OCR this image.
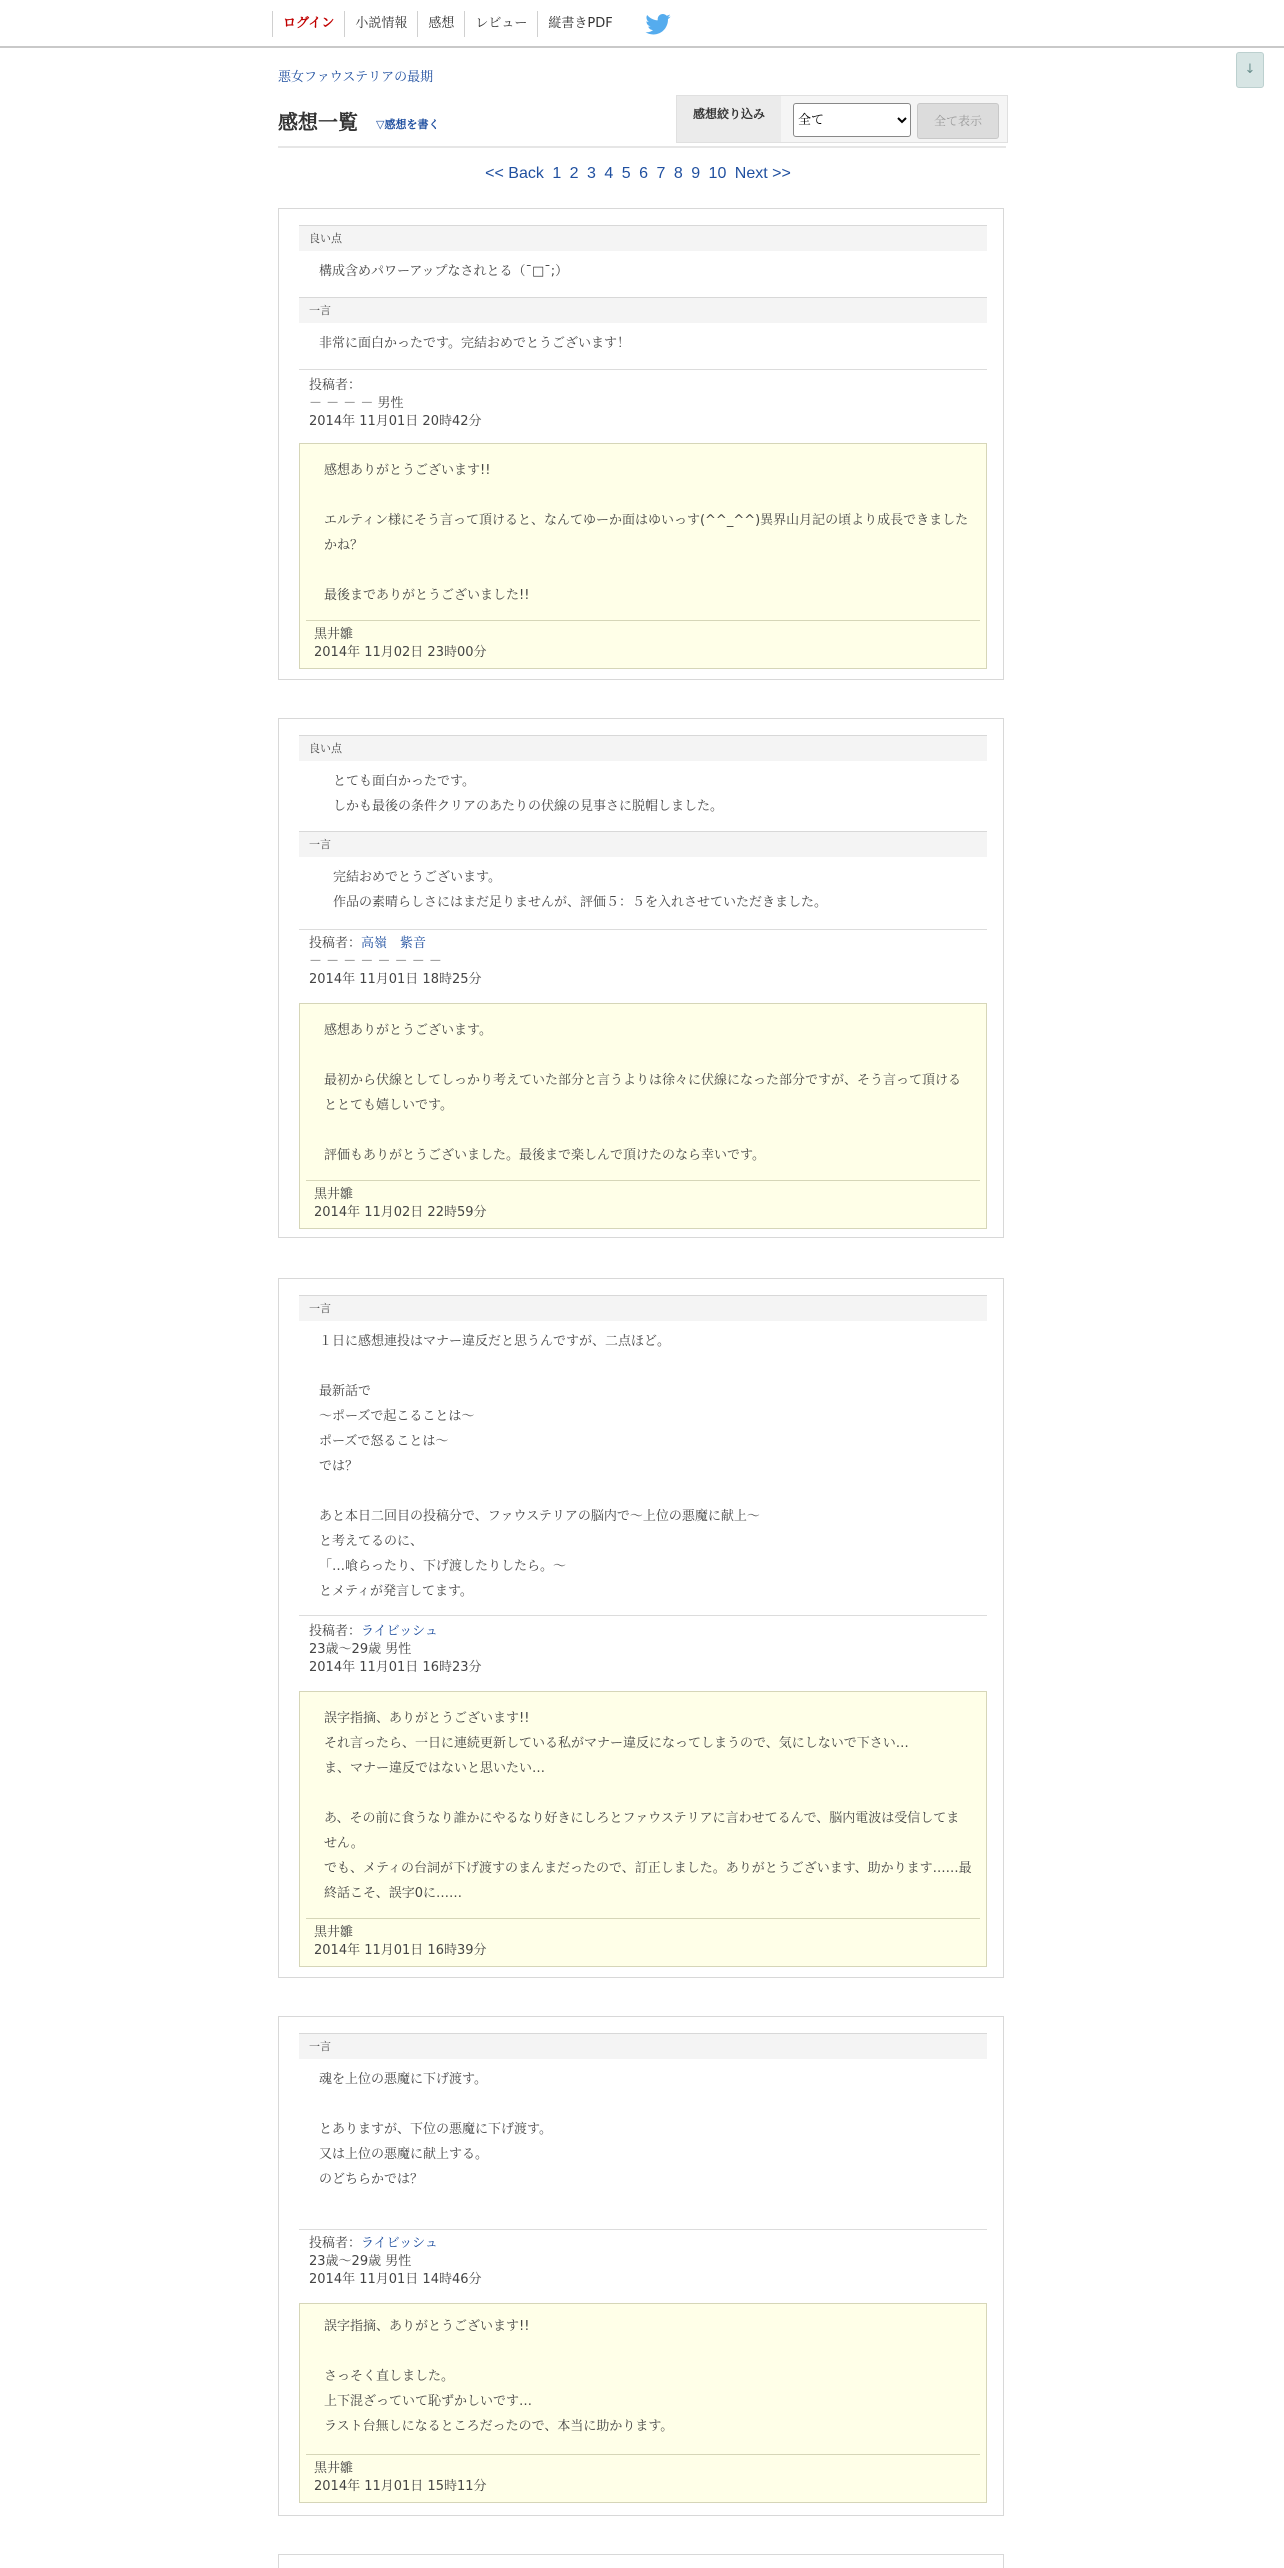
ログイン	小説情報	感想	レビュー	縦書きPDF
↓
悪女ファウステリアの最期
感想一覧 ▽感想を書く
感想絞り込み
全て	全て表示
<< Back 1 2 3 4 5 6 7 8 9 10 Next >>
良い点
構成含めパワーアップなされとる（¯□¯;）
一言
非常に面白かったです。完結おめでとうございます！
投稿者：
－ － － － 男性
2014年 11月01日 20時42分
感想ありがとうございます!!

エルティン様にそう言って頂けると、なんてゆーか面はゆいっす(^^_^^)異界山月記の頃より成長できましたかね？

最後までありがとうございました!!
黒井雛
2014年 11月02日 23時00分
良い点
とても面白かったです。
しかも最後の条件クリアのあたりの伏線の見事さに脱帽しました。
一言
完結おめでとうございます。
作品の素晴らしさにはまだ足りませんが、評価５：５を入れさせていただきました。
投稿者：高嶺　紫音
－ － － － － － － －
2014年 11月01日 18時25分
感想ありがとうございます。

最初から伏線としてしっかり考えていた部分と言うよりは徐々に伏線になった部分ですが、そう言って頂けるととても嬉しいです。

評価もありがとうございました。最後まで楽しんで頂けたのなら幸いです。
黒井雛
2014年 11月02日 22時59分
一言
１日に感想連投はマナー違反だと思うんですが、二点ほど。

最新話で
～ポーズで起こることは～
ポーズで怒ることは～
では？

あと本日二回目の投稿分で、ファウステリアの脳内で～上位の悪魔に献上～
と考えてるのに、
「…喰らったり、下げ渡したりしたら。～
とメティが発言してます。
投稿者：ライビッシュ
23歳～29歳 男性
2014年 11月01日 16時23分
誤字指摘、ありがとうございます!!
それ言ったら、一日に連続更新している私がマナー違反になってしまうので、気にしないで下さい…
ま、マナー違反ではないと思いたい…

あ、その前に食うなり誰かにやるなり好きにしろとファウステリアに言わせてるんで、脳内電波は受信してません。
でも、メティの台詞が下げ渡すのまんまだったので、訂正しました。ありがとうございます、助かります……最終話こそ、誤字0に……
黒井雛
2014年 11月01日 16時39分
一言
魂を上位の悪魔に下げ渡す。

とありますが、下位の悪魔に下げ渡す。
又は上位の悪魔に献上する。
のどちらかでは？
投稿者：ライビッシュ
23歳～29歳 男性
2014年 11月01日 14時46分
誤字指摘、ありがとうございます!!

さっそく直しました。
上下混ざっていて恥ずかしいです…
ラスト台無しになるところだったので、本当に助かります。
黒井雛
2014年 11月01日 15時11分
